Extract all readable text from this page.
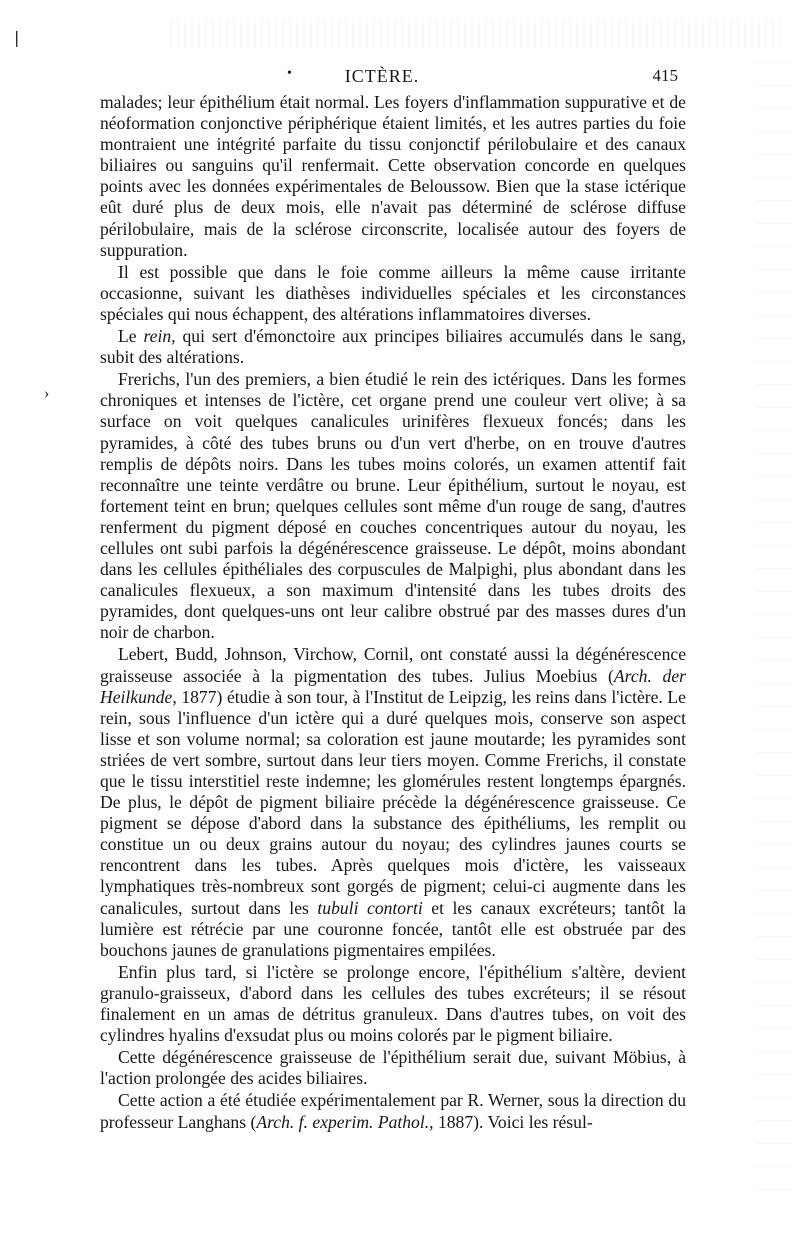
❘
›
•	ICTÈRE.	415

malades; leur épithélium était normal. Les foyers d'inflammation suppurative et de néoformation conjonctive périphérique étaient limités, et les autres parties du foie montraient une intégrité parfaite du tissu conjonctif périlobulaire et des canaux biliaires ou sanguins qu'il renfermait. Cette observation concorde en quelques points avec les données expérimentales de Beloussow. Bien que la stase ictérique eût duré plus de deux mois, elle n'avait pas déterminé de sclérose diffuse périlobulaire, mais de la sclérose circonscrite, localisée autour des foyers de suppuration.

Il est possible que dans le foie comme ailleurs la même cause irritante occasionne, suivant les diathèses individuelles spéciales et les circonstances spéciales qui nous échappent, des altérations inflammatoires diverses.

Le rein, qui sert d'émonctoire aux principes biliaires accumulés dans le sang, subit des altérations.

Frerichs, l'un des premiers, a bien étudié le rein des ictériques. Dans les formes chroniques et intenses de l'ictère, cet organe prend une couleur vert olive; à sa surface on voit quelques canalicules urinifères flexueux foncés; dans les pyramides, à côté des tubes bruns ou d'un vert d'herbe, on en trouve d'autres remplis de dépôts noirs. Dans les tubes moins colorés, un examen attentif fait reconnaître une teinte verdâtre ou brune. Leur épithélium, surtout le noyau, est fortement teint en brun; quelques cellules sont même d'un rouge de sang, d'autres renferment du pigment déposé en couches concentriques autour du noyau, les cellules ont subi parfois la dégénérescence graisseuse. Le dépôt, moins abondant dans les cellules épithéliales des corpuscules de Malpighi, plus abondant dans les canalicules flexueux, a son maximum d'intensité dans les tubes droits des pyramides, dont quelques-uns ont leur calibre obstrué par des masses dures d'un noir de charbon.

Lebert, Budd, Johnson, Virchow, Cornil, ont constaté aussi la dégénérescence graisseuse associée à la pigmentation des tubes. Julius Moebius (Arch. der Heilkunde, 1877) étudie à son tour, à l'Institut de Leipzig, les reins dans l'ictère. Le rein, sous l'influence d'un ictère qui a duré quelques mois, conserve son aspect lisse et son volume normal; sa coloration est jaune moutarde; les pyramides sont striées de vert sombre, surtout dans leur tiers moyen. Comme Frerichs, il constate que le tissu interstitiel reste indemne; les glomérules restent longtemps épargnés. De plus, le dépôt de pigment biliaire précède la dégénérescence graisseuse. Ce pigment se dépose d'abord dans la substance des épithéliums, les remplit ou constitue un ou deux grains autour du noyau; des cylindres jaunes courts se rencontrent dans les tubes. Après quelques mois d'ictère, les vaisseaux lymphatiques très-nombreux sont gorgés de pigment; celui-ci augmente dans les canalicules, surtout dans les tubuli contorti et les canaux excréteurs; tantôt la lumière est rétrécie par une couronne foncée, tantôt elle est obstruée par des bouchons jaunes de granulations pigmentaires empilées.

Enfin plus tard, si l'ictère se prolonge encore, l'épithélium s'altère, devient granulo-graisseux, d'abord dans les cellules des tubes excréteurs; il se résout finalement en un amas de détritus granuleux. Dans d'autres tubes, on voit des cylindres hyalins d'exsudat plus ou moins colorés par le pigment biliaire.

Cette dégénérescence graisseuse de l'épithélium serait due, suivant Möbius, à l'action prolongée des acides biliaires.

Cette action a été étudiée expérimentalement par R. Werner, sous la direction du professeur Langhans (Arch. f. experim. Pathol., 1887). Voici les résul-
